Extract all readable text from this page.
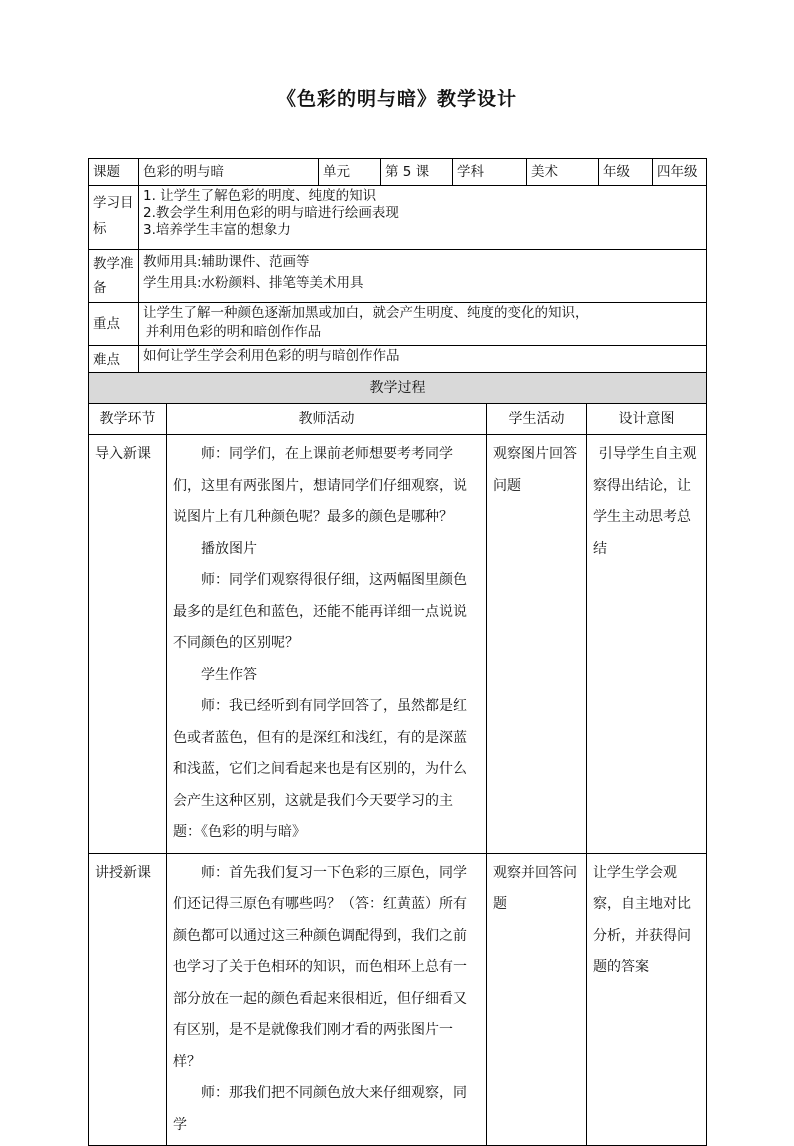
《色彩的明与暗》教学设计
课题	色彩的明与暗	单元	第 5 课	学科	美术	年级	四年级
学习目标	1. 让学生了解色彩的明度、纯度的知识
2.教会学生利用色彩的明与暗进行绘画表现
3.培养学生丰富的想象力						

教学准备	教师用具:辅助课件、范画等
学生用具:水粉颜料、排笔等美术用具						

重点	让学生了解一种颜色逐渐加黑或加白，就会产生明度、纯度的变化的知识，
并利用色彩的明和暗创作作品						

难点	如何让学生学会利用色彩的明与暗创作作品						
教学过程			
教学环节	教师活动	学生活动	设计意图
导入新课	师：同学们，在上课前老师想要考考同学们，这里有两张图片，想请同学们仔细观察，说说图片上有几种颜色呢？最多的颜色是哪种？

播放图片

师：同学们观察得很仔细，这两幅图里颜色最多的是红色和蓝色，还能不能再详细一点说说不同颜色的区别呢？

学生作答

师：我已经听到有同学回答了，虽然都是红色或者蓝色，但有的是深红和浅红，有的是深蓝和浅蓝，它们之间看起来也是有区别的，为什么会产生这种区别，这就是我们今天要学习的主题：《色彩的明与暗》	观察图片回答问题	引导学生自主观察得出结论，让学生主动思考总结
讲授新课	师：首先我们复习一下色彩的三原色，同学们还记得三原色有哪些吗？（答：红黄蓝）所有颜色都可以通过这三种颜色调配得到，我们之前也学习了关于色相环的知识，而色相环上总有一部分放在一起的颜色看起来很相近，但仔细看又有区别，是不是就像我们刚才看的两张图片一样？

师：那我们把不同颜色放大来仔细观察，同学	观察并回答问题	让学生学会观察，自主地对比分析，并获得问题的答案
